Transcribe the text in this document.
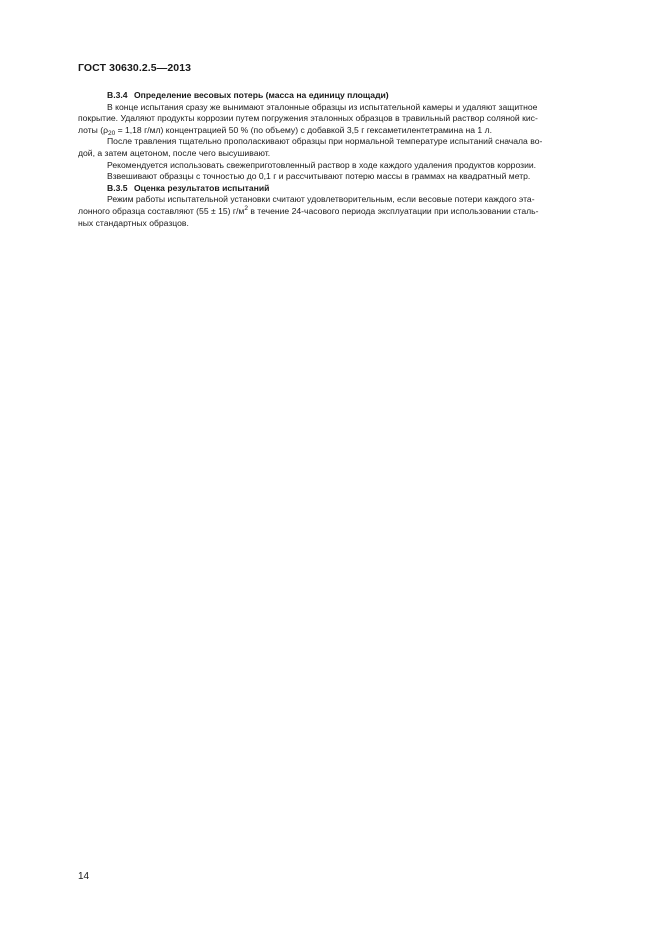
ГОСТ 30630.2.5—2013
В.3.4 Определение весовых потерь (масса на единицу площади)
В конце испытания сразу же вынимают эталонные образцы из испытательной камеры и удаляют защитное
покрытие. Удаляют продукты коррозии путем погружения эталонных образцов в травильный раствор соляной кис-
лоты ($\rho_{20} = 1,18$ г/мл) концентрацией 50 % (по объему) с добавкой 3,5 г гексаметилентетрамина на 1 л.
После травления тщательно прополаскивают образцы при нормальной температуре испытаний сначала во-
дой, а затем ацетоном, после чего высушивают.
Рекомендуется использовать свежеприготовленный раствор в ходе каждого удаления продуктов коррозии.
Взвешивают образцы с точностью до 0,1 г и рассчитывают потерю массы в граммах на квадратный метр.
В.3.5 Оценка результатов испытаний
Режим работы испытательной установки считают удовлетворительным, если весовые потери каждого эта-
лонного образца составляют (55 ± 15) $г/м^2$ в течение 24-часового периода эксплуатации при использовании сталь-
ных стандартных образцов.
14
